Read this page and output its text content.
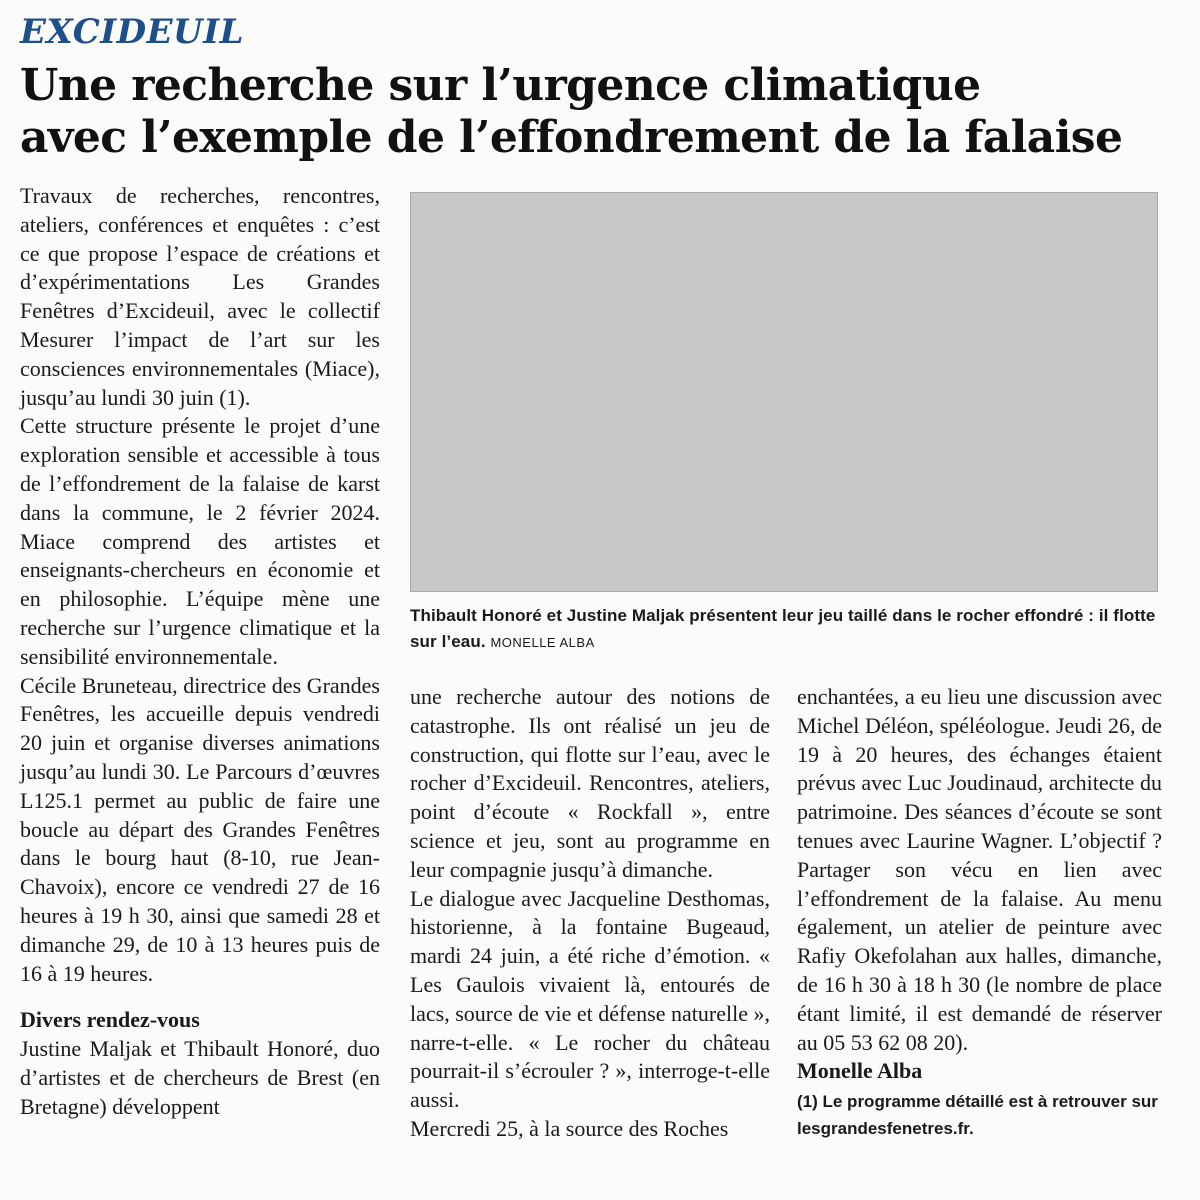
EXCIDEUIL
Une recherche sur l’urgence climatique
avec l’exemple de l’effondrement de la falaise

Travaux de recherches, rencontres, ateliers, conférences et enquêtes : c’est ce que propose l’espace de créations et d’expérimentations Les Grandes Fenêtres d’Excideuil, avec le collectif Mesurer l’impact de l’art sur les consciences environnementales (Miace), jusqu’au lundi 30 juin (1).

Cette structure présente le projet d’une exploration sensible et accessible à tous de l’effondrement de la falaise de karst dans la commune, le 2 février 2024. Miace comprend des artistes et enseignants-chercheurs en économie et en philosophie. L’équipe mène une recherche sur l’urgence climatique et la sensibilité environnementale.

Cécile Bruneteau, directrice des Grandes Fenêtres, les accueille depuis vendredi 20 juin et organise diverses animations jusqu’au lundi 30. Le Parcours d’œuvres L125.1 permet au public de faire une boucle au départ des Grandes Fenêtres dans le bourg haut (8-10, rue Jean-Chavoix), encore ce vendredi 27 de 16 heures à 19 h 30, ainsi que samedi 28 et dimanche 29, de 10 à 13 heures puis de 16 à 19 heures.

Divers rendez-vous

Justine Maljak et Thibault Honoré, duo d’artistes et de chercheurs de Brest (en Bretagne) développent

Thibault Honoré et Justine Maljak présentent leur jeu taillé dans le rocher effondré : il flotte sur l’eau. MONELLE ALBA

une recherche autour des notions de catastrophe. Ils ont réalisé un jeu de construction, qui flotte sur l’eau, avec le rocher d’Excideuil. Rencontres, ateliers, point d’écoute « Rockfall », entre science et jeu, sont au programme en leur compagnie jusqu’à dimanche.

Le dialogue avec Jacqueline Desthomas, historienne, à la fontaine Bugeaud, mardi 24 juin, a été riche d’émotion. « Les Gaulois vivaient là, entourés de lacs, source de vie et défense naturelle », narre-t-elle. « Le rocher du château pourrait-il s’écrouler ? », interroge-t-elle aussi.

Mercredi 25, à la source des Roches

enchantées, a eu lieu une discussion avec Michel Déléon, spéléologue. Jeudi 26, de 19 à 20 heures, des échanges étaient prévus avec Luc Joudinaud, architecte du patrimoine. Des séances d’écoute se sont tenues avec Laurine Wagner. L’objectif ? Partager son vécu en lien avec l’effondrement de la falaise. Au menu également, un atelier de peinture avec Rafiy Okefolahan aux halles, dimanche, de 16 h 30 à 18 h 30 (le nombre de place étant limité, il est demandé de réserver au 05 53 62 08 20).

Monelle Alba

(1) Le programme détaillé est à retrouver sur lesgrandesfenetres.fr.
